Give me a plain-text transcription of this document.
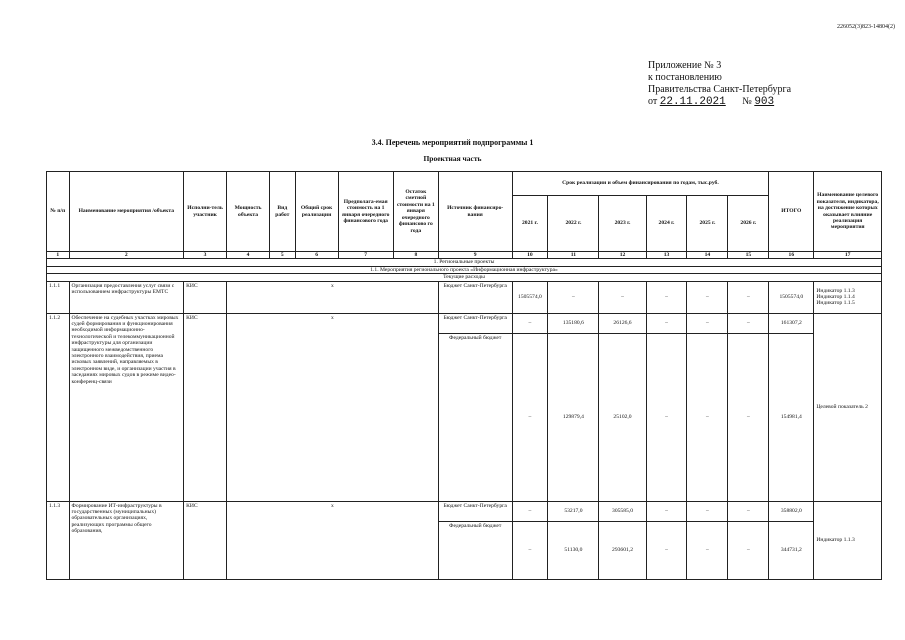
226052(3)823-14804(2)
Приложение № 3
к постановлению
Правительства Санкт-Петербурга
от 22.11.2021 № 903
3.4. Перечень мероприятий подпрограммы 1
Проектная часть
№ п/п	Наименование мероприятия /объекта	Исполни-тель участник	Мощность объекта	Вид работ	Общий срок реализации	Предполага-емая стоимость на 1 января очередного финансового года	Остаток сметной стоимости на 1 января очередного финансово го года	Источник финансиро-вания	Срок реализации и объем финансирования по годам, тыс.руб.						ИТОГО	Наименование целевого показателя, индикатора, на достижение которых оказывает влияние реализация мероприятия
									2021 г.	2022 г.	2023 г.	2024 г.	2025 г.	2026 г.		
1	2	3	4	5	6	7	8	9	10	11	12	13	14	15	16	17
1. Региональные проекты																
1.1. Мероприятия регионального проекта «Информационная инфраструктура»																
Текущие расходы																
1.1.1	Организация предоставления услуг связи с использованием инфраструктуры ЕМТС	КИС	х					Бюджет Санкт-Петербурга	1505574,0	–	–	–	–	–	1505574,0	Индикатор 1.1.3 Индикатор 1.1.4 Индикатор 1.1.5
1.1.2	Обеспечение на судебных участках мировых судей формирования и функционирования необходимой информационно-технологической и телекоммуникационной инфраструктуры для организации защищенного межведомственного электронного взаимодействия, приема исковых заявлений, направляемых в электронном виде, и организации участия в заседаниях мировых судов в режиме видео-конференц-связи	КИС	х					Бюджет Санкт-Петербурга	–	135180,6	26126,6	–	–	–	161307,2	Целевой показатель 2
								Федеральный бюджет	–	129879,4	25102,0	–	–	–	154981,4	
1.1.3	Формирование ИТ-инфраструктуры в государственных (муниципальных) образовательных организациях, реализующих программы общего образования,	КИС	х					Бюджет Санкт-Петербурга	–	53217,0	305585,0	–	–	–	358802,0	Индикатор 1.1.3
								Федеральный бюджет	–	51130,0	293601,2	–	–	–	344731,2	
